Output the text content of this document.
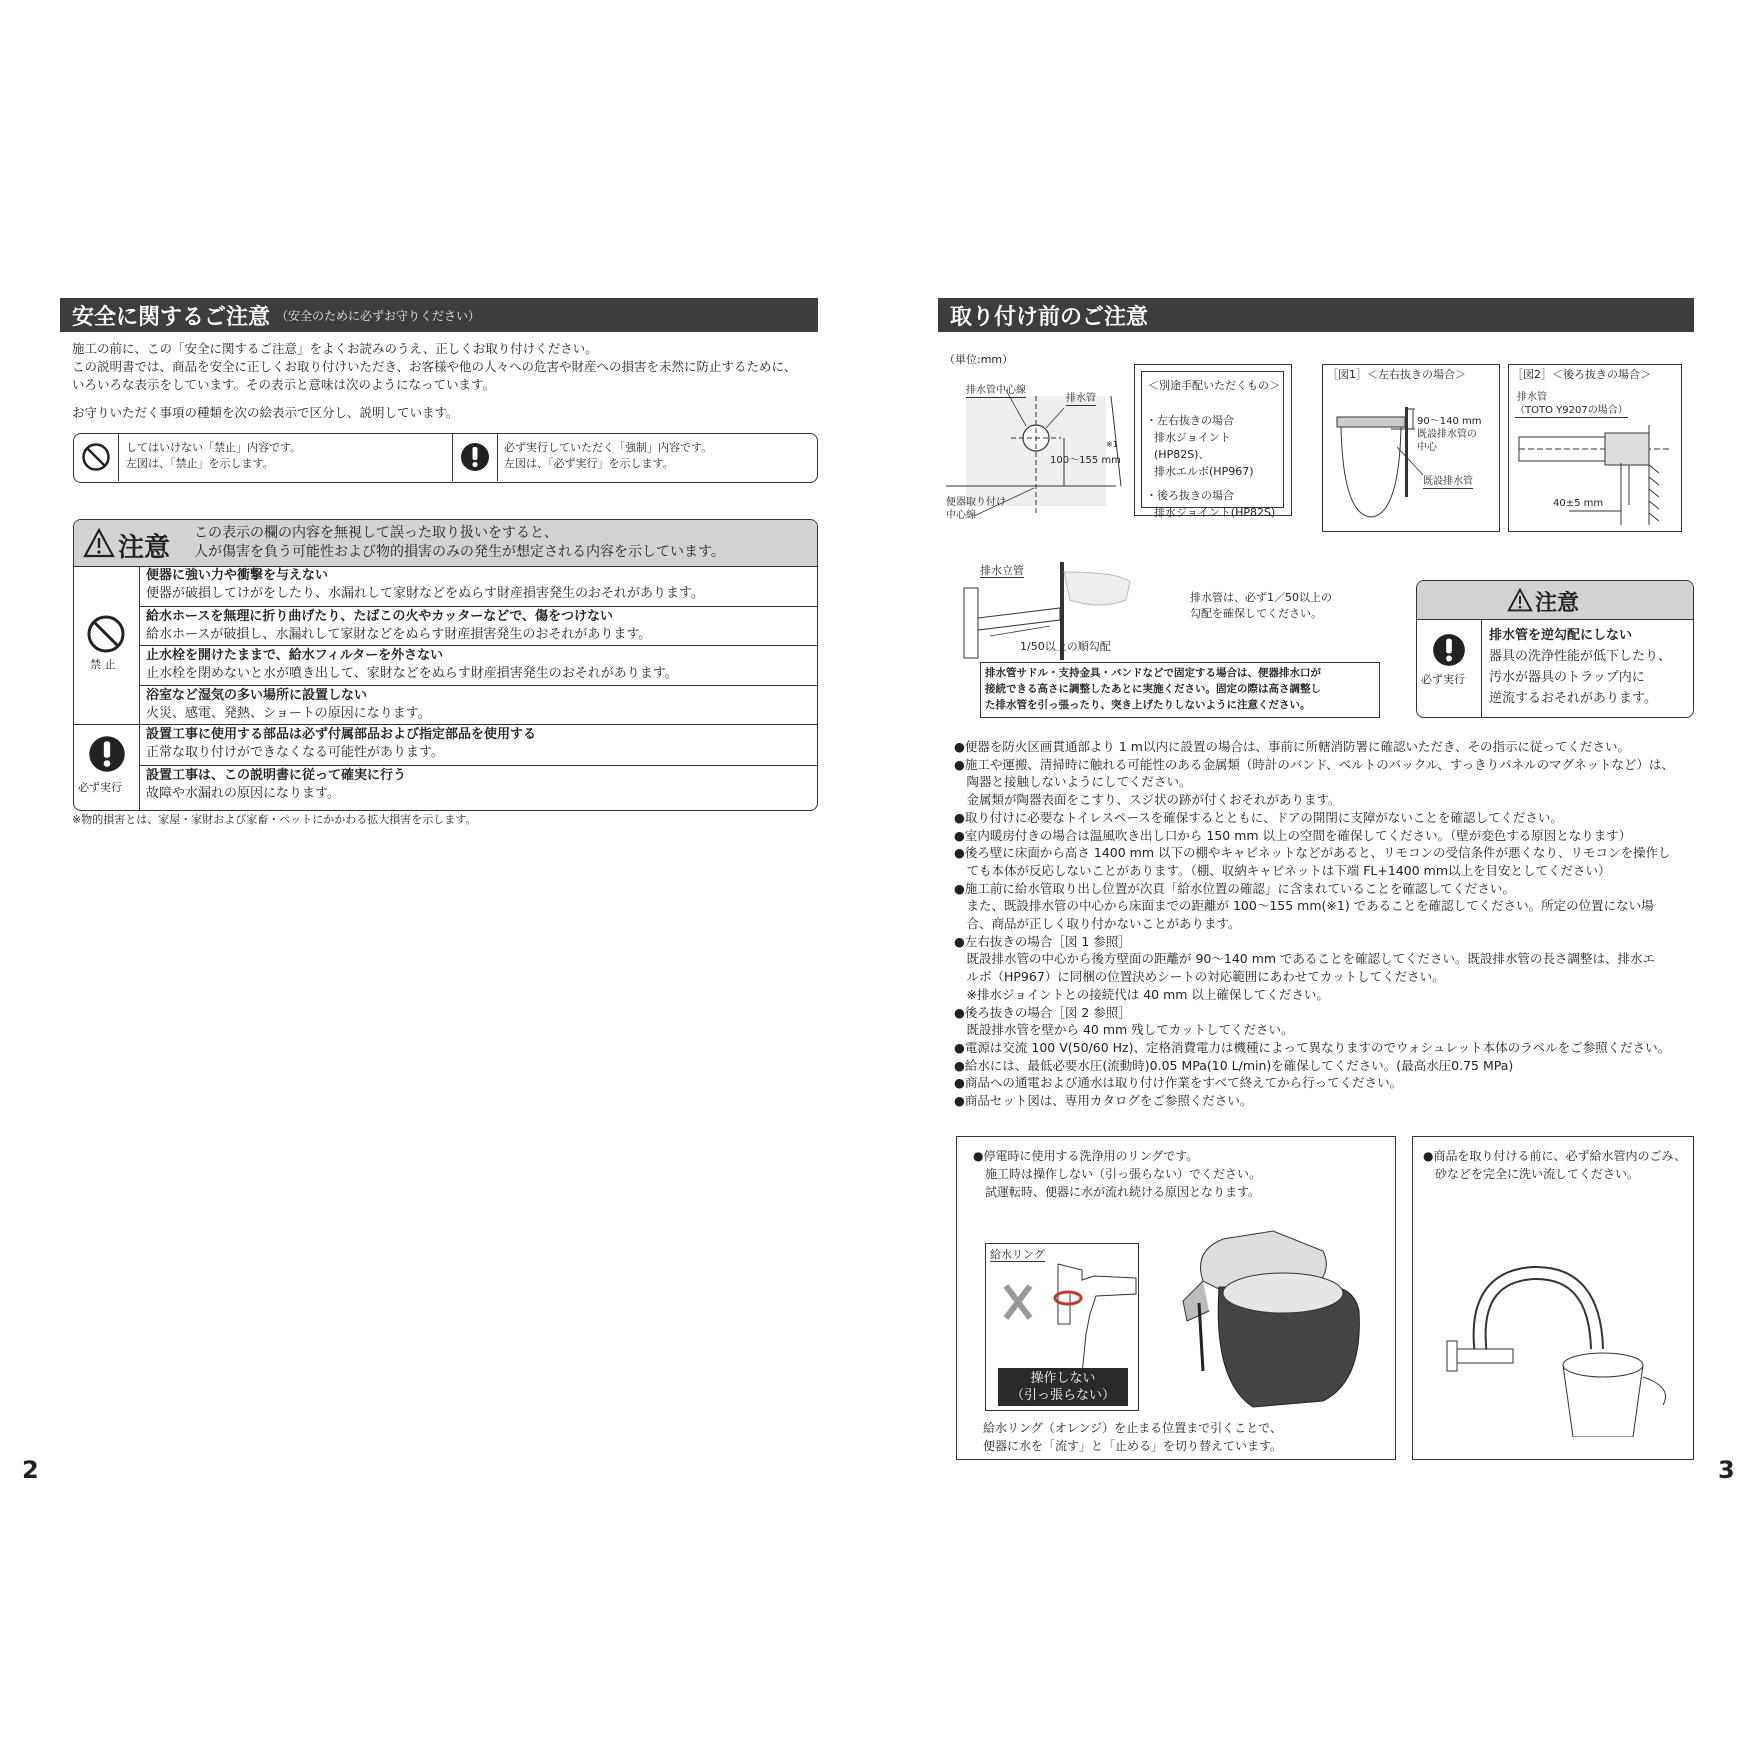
安全に関するご注意 （安全のために必ずお守りください）
施工の前に、この「安全に関するご注意」をよくお読みのうえ、正しくお取り付けください。
この説明書では、商品を安全に正しくお取り付けいただき、お客様や他の人々への危害や財産への損害を未然に防止するために、
いろいろな表示をしています。その表示と意味は次のようになっています。
お守りいただく事項の種類を次の絵表示で区分し、説明しています。
してはいけない「禁止」内容です。
左図は、「禁止」を示します。
必ず実行していただく「強制」内容です。
左図は、「必ず実行」を示します。
注意 この表示の欄の内容を無視して誤った取り扱いをすると、
人が傷害を負う可能性および物的損害のみの発生が想定される内容を示しています。
禁 止
必ず実行
便器に強い力や衝撃を与えない
便器が破損してけがをしたり、水漏れして家財などをぬらす財産損害発生のおそれがあります。
給水ホースを無理に折り曲げたり、たばこの火やカッターなどで、傷をつけない
給水ホースが破損し、水漏れして家財などをぬらす財産損害発生のおそれがあります。
止水栓を開けたままで、給水フィルターを外さない
止水栓を閉めないと水が噴き出して、家財などをぬらす財産損害発生のおそれがあります。
浴室など湿気の多い場所に設置しない
火災、感電、発熱、ショートの原因になります。
設置工事に使用する部品は必ず付属部品および指定部品を使用する
正常な取り付けができなくなる可能性があります。
設置工事は、この説明書に従って確実に行う
故障や水漏れの原因になります。
※物的損害とは、家屋・家財および家畜・ペットにかかわる拡大損害を示します。
2
取り付け前のご注意
（単位:mm）
排水管中心線
排水管
※1
100～155 mm
便器取り付け
中心線
＜別途手配いただくもの＞
・左右抜きの場合
排水ジョイント(HP82S)、
排水エルボ(HP967)
・後ろ抜きの場合
排水ジョイント(HP82S)
［図1］＜左右抜きの場合＞
90～140 mm
既設排水管の
中心
既設排水管
［図2］＜後ろ抜きの場合＞
排水管
（TOTO Y9207の場合）
40±5 mm
排水立管
1/50以上の順勾配
排水管は、必ず1／50以上の
勾配を確保してください。
排水管サドル・支持金具・バンドなどで固定する場合は、便器排水口が
接続できる高さに調整したあとに実施ください。固定の際は高さ調整し
た排水管を引っ張ったり、突き上げたりしないように注意ください。
注意
必ず実行
排水管を逆勾配にしない
器具の洗浄性能が低下したり、
汚水が器具のトラップ内に
逆流するおそれがあります。
●便器を防火区画貫通部より 1 m以内に設置の場合は、事前に所轄消防署に確認いただき、その指示に従ってください。
●施工や運搬、清掃時に触れる可能性のある金属類（時計のバンド、ベルトのバックル、すっきりパネルのマグネットなど）は、
　陶器と接触しないようにしてください。
　金属類が陶器表面をこすり、スジ状の跡が付くおそれがあります。
●取り付けに必要なトイレスペースを確保するとともに、ドアの開閉に支障がないことを確認してください。
●室内暖房付きの場合は温風吹き出し口から 150 mm 以上の空間を確保してください。（壁が変色する原因となります）
●後ろ壁に床面から高さ 1400 mm 以下の棚やキャビネットなどがあると、リモコンの受信条件が悪くなり、リモコンを操作し
　ても本体が反応しないことがあります。（棚、収納キャビネットは下端 FL+1400 mm以上を目安としてください）
●施工前に給水管取り出し位置が次頁「給水位置の確認」に含まれていることを確認してください。
　また、既設排水管の中心から床面までの距離が 100～155 mm(※1) であることを確認してください。所定の位置にない場
　合、商品が正しく取り付かないことがあります。
●左右抜きの場合［図 1 参照］
　既設排水管の中心から後方壁面の距離が 90～140 mm であることを確認してください。既設排水管の長さ調整は、排水エ
　ルボ（HP967）に同梱の位置決めシートの対応範囲にあわせてカットしてください。
　※排水ジョイントとの接続代は 40 mm 以上確保してください。
●後ろ抜きの場合［図 2 参照］
　既設排水管を壁から 40 mm 残してカットしてください。
●電源は交流 100 V(50/60 Hz)、定格消費電力は機種によって異なりますのでウォシュレット本体のラベルをご参照ください。
●給水には、最低必要水圧(流動時)0.05 MPa(10 L/min)を確保してください。(最高水圧0.75 MPa)
●商品への通電および通水は取り付け作業をすべて終えてから行ってください。
●商品セット図は、専用カタログをご参照ください。
●停電時に使用する洗浄用のリングです。
施工時は操作しない（引っ張らない）でください。
試運転時、便器に水が流れ続ける原因となります。
給水リング
操作しない
（引っ張らない）
給水リング（オレンジ）を止まる位置まで引くことで、
便器に水を「流す」と「止める」を切り替えています。
●商品を取り付ける前に、必ず給水管内のごみ、
砂などを完全に洗い流してください。
3
